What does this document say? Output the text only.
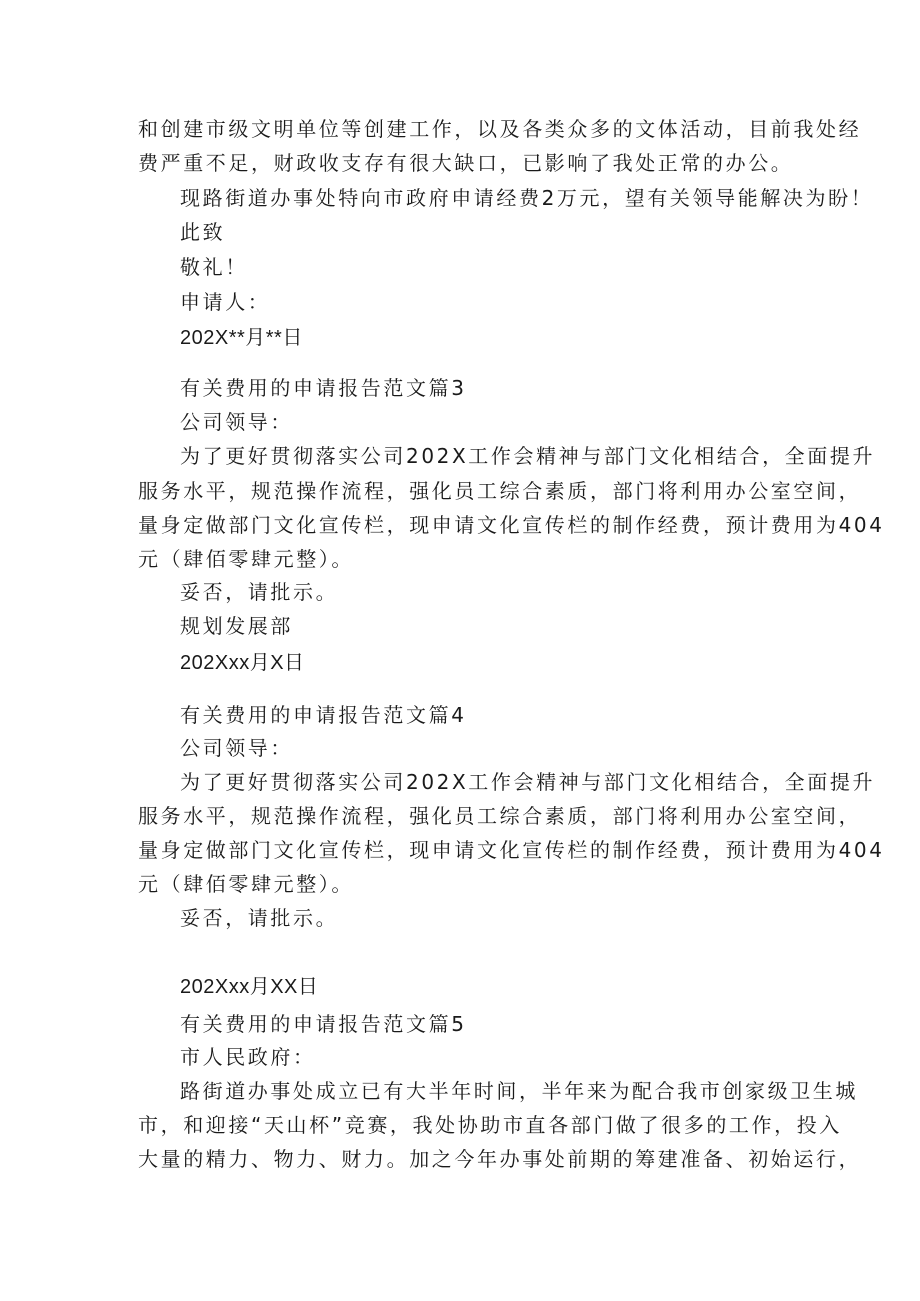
和创建市级文明单位等创建工作，以及各类众多的文体活动，目前我处经
费严重不足，财政收支存有很大缺口，已影响了我处正常的办公。
现路街道办事处特向市政府申请经费2万元，望有关领导能解决为盼！
此致
敬礼！
申请人：
202X**月**日
有关费用的申请报告范文篇3
公司领导：
为了更好贯彻落实公司202X工作会精神与部门文化相结合，全面提升
服务水平，规范操作流程，强化员工综合素质，部门将利用办公室空间，
量身定做部门文化宣传栏，现申请文化宣传栏的制作经费，预计费用为404
元（肆佰零肆元整）。
妥否，请批示。
规划发展部
202Xxx月X日
有关费用的申请报告范文篇4
公司领导：
为了更好贯彻落实公司202X工作会精神与部门文化相结合，全面提升
服务水平，规范操作流程，强化员工综合素质，部门将利用办公室空间，
量身定做部门文化宣传栏，现申请文化宣传栏的制作经费，预计费用为404
元（肆佰零肆元整）。
妥否，请批示。
202Xxx月XX日
有关费用的申请报告范文篇5
市人民政府：
路街道办事处成立已有大半年时间，半年来为配合我市创家级卫生城
市，和迎接“天山杯”竞赛，我处协助市直各部门做了很多的工作，投入
大量的精力、物力、财力。加之今年办事处前期的筹建准备、初始运行，
